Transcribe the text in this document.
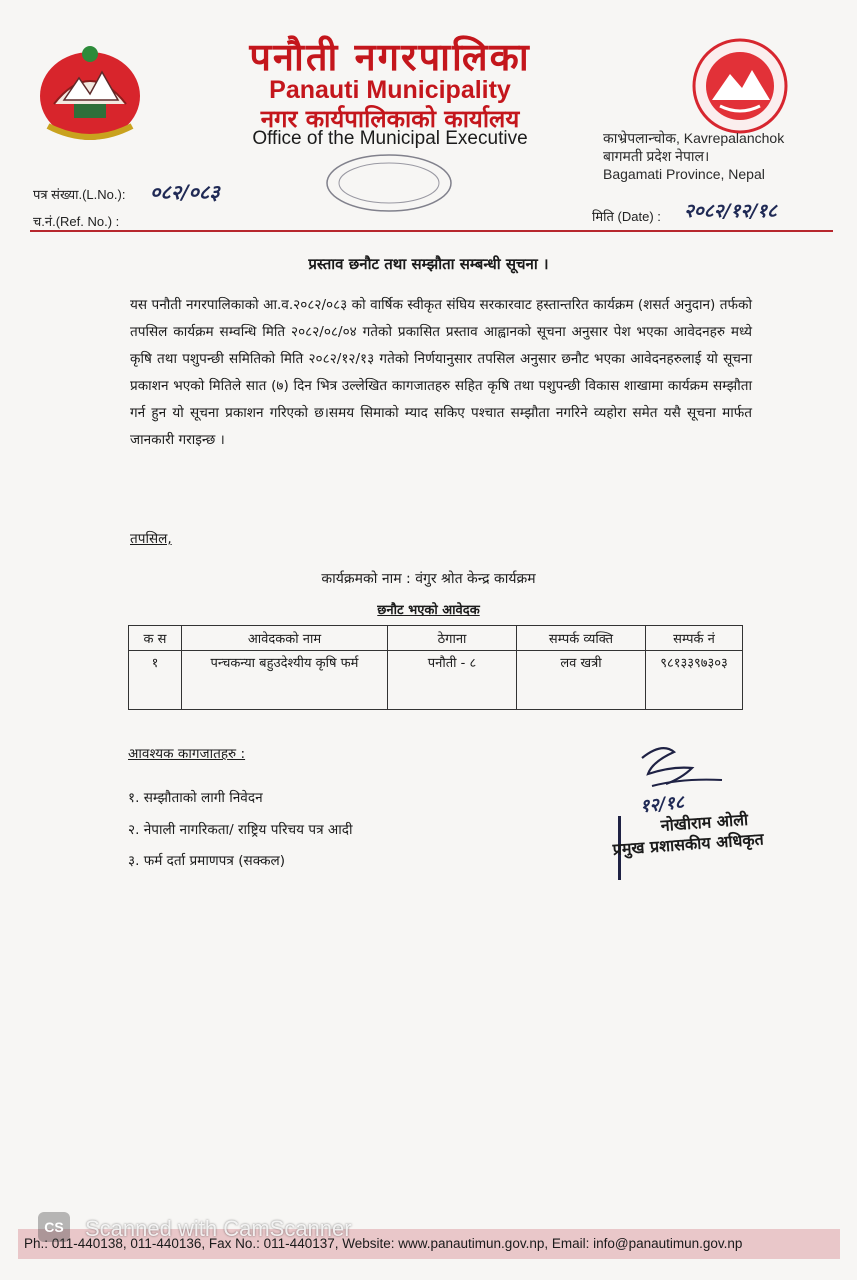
पनौती नगरपालिका
Panauti Municipality
नगर कार्यपालिकाको कार्यालय
Office of the Municipal Executive	काभ्रेपलान्चोक, Kavrepalanchok
बागमती प्रदेश नेपाल।
Bagamati Province, Nepal
पत्र संख्या.(L.No.): ०८२/०८३
च.नं.(Ref. No.) :	मिति (Date) : २०८२/१२/१८
प्रस्ताव छनौट तथा सम्झौता सम्बन्धी सूचना ।
यस पनौती नगरपालिकाको आ.व.२०८२/०८३ को वार्षिक स्वीकृत संघिय सरकारवाट हस्तान्तरित कार्यक्रम (शसर्त अनुदान) तर्फको तपसिल कार्यक्रम सम्वन्धि मिति २०८२/०८/०४ गतेको प्रकासित प्रस्ताव आह्वानको सूचना अनुसार पेश भएका आवेदनहरु मध्ये कृषि तथा पशुपन्छी समितिको मिति २०८२/१२/१३ गतेको निर्णयानुसार तपसिल अनुसार छनौट भएका आवेदनहरुलाई यो सूचना प्रकाशन भएको मितिले सात (७) दिन भित्र उल्लेखित कागजातहरु सहित कृषि तथा पशुपन्छी विकास शाखामा कार्यक्रम सम्झौता गर्न हुन यो सूचना प्रकाशन गरिएको छ।समय सिमाको म्याद सकिए पश्चात सम्झौता नगरिने व्यहोरा समेत यसै सूचना मार्फत जानकारी गराइन्छ ।
तपसिल,
कार्यक्रमको नाम : वंगुर श्रोत केन्द्र कार्यक्रम
छनौट भएको आवेदक
क स	आवेदकको नाम	ठेगाना	सम्पर्क व्यक्ति	सम्पर्क नं
१	पन्चकन्या बहुउदेश्यीय कृषि फर्म	पनौती - ८	लव खत्री	९८१३३९७३०३
आवश्यक कागजातहरु :
१. सम्झौताको लागी निवेदन
२. नेपाली नागरिकता/ राष्ट्रिय परिचय पत्र आदी
३. फर्म दर्ता प्रमाणपत्र (सक्कल)
१२/१८
नोखीराम ओली
प्रमुख प्रशासकीय अधिकृत
Ph.: 011-440138, 011-440136, Fax No.: 011-440137, Website: www.panautimun.gov.np, Email: info@panautimun.gov.np
CS Scanned with CamScanner
